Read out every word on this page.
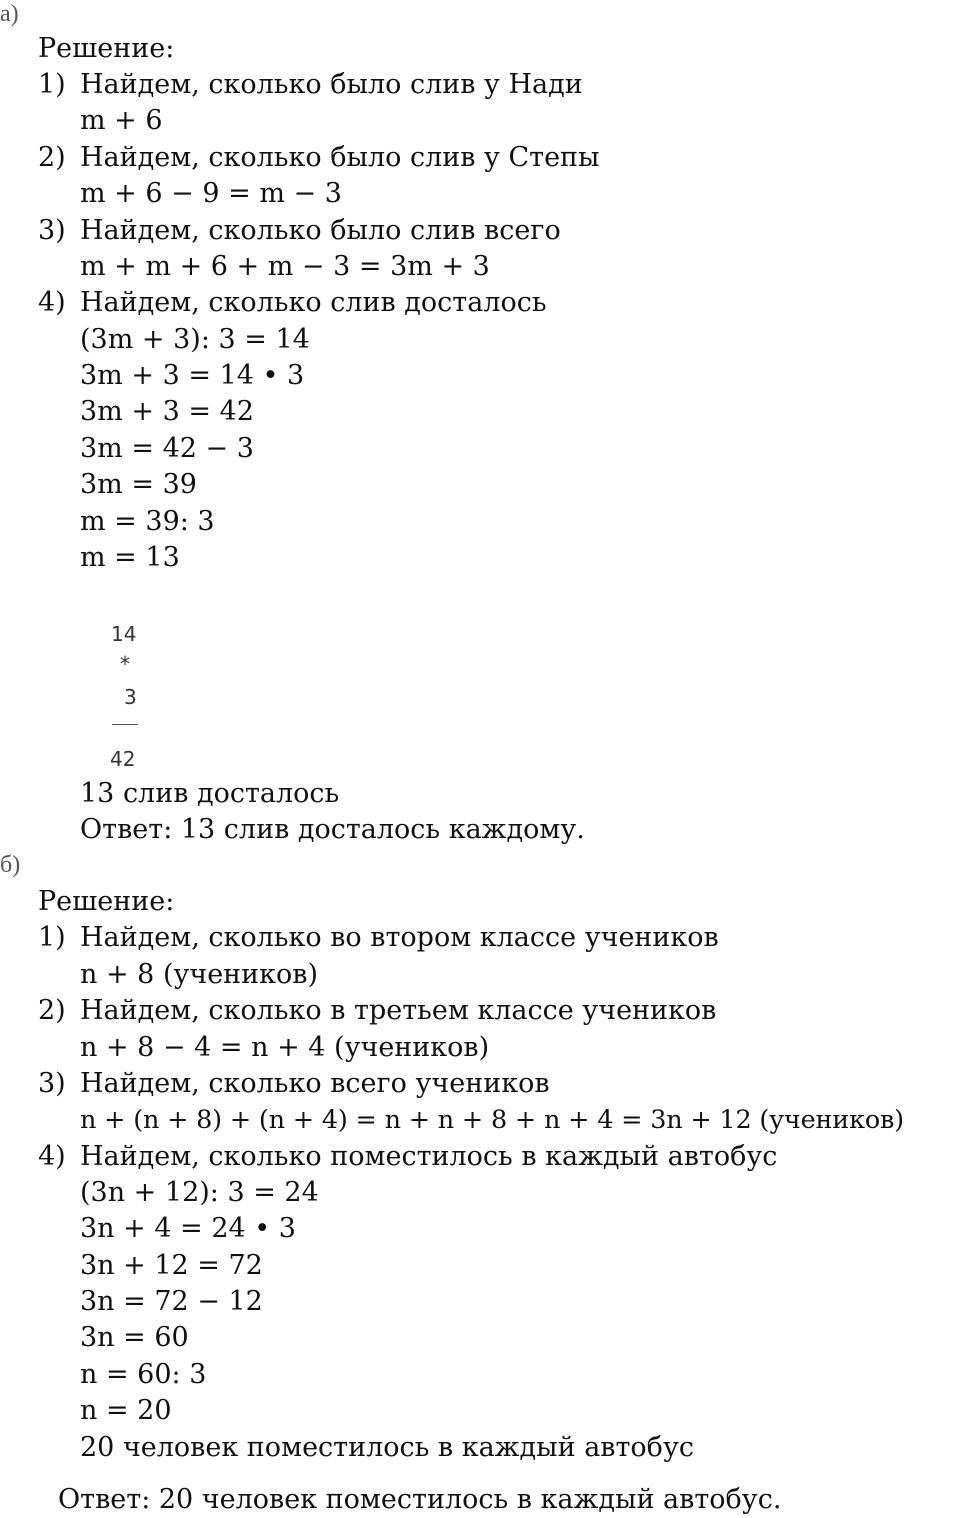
а)
Решение:
1) Найдем, сколько было слив у Нади
m + 6
2) Найдем, сколько было слив у Степы
m + 6 − 9 = m − 3
3) Найдем, сколько было слив всего
m + m + 6 + m − 3 = 3m + 3
4) Найдем, сколько слив досталось
(3m + 3): 3 = 14
3m + 3 = 14 • 3
3m + 3 = 42
3m = 42 − 3
3m = 39
m = 39: 3
m = 13
14
*
3
42
13 слив досталось
Ответ: 13 слив досталось каждому.
б)
Решение:
1) Найдем, сколько во втором классе учеников
n + 8 (учеников)
2) Найдем, сколько в третьем классе учеников
n + 8 − 4 = n + 4 (учеников)
3) Найдем, сколько всего учеников
n + (n + 8) + (n + 4) = n + n + 8 + n + 4 = 3n + 12 (учеников)
4) Найдем, сколько поместилось в каждый автобус
(3n + 12): 3 = 24
3n + 4 = 24 • 3
3n + 12 = 72
3n = 72 − 12
3n = 60
n = 60: 3
n = 20
20 человек поместилось в каждый автобус
Ответ: 20 человек поместилось в каждый автобус.
